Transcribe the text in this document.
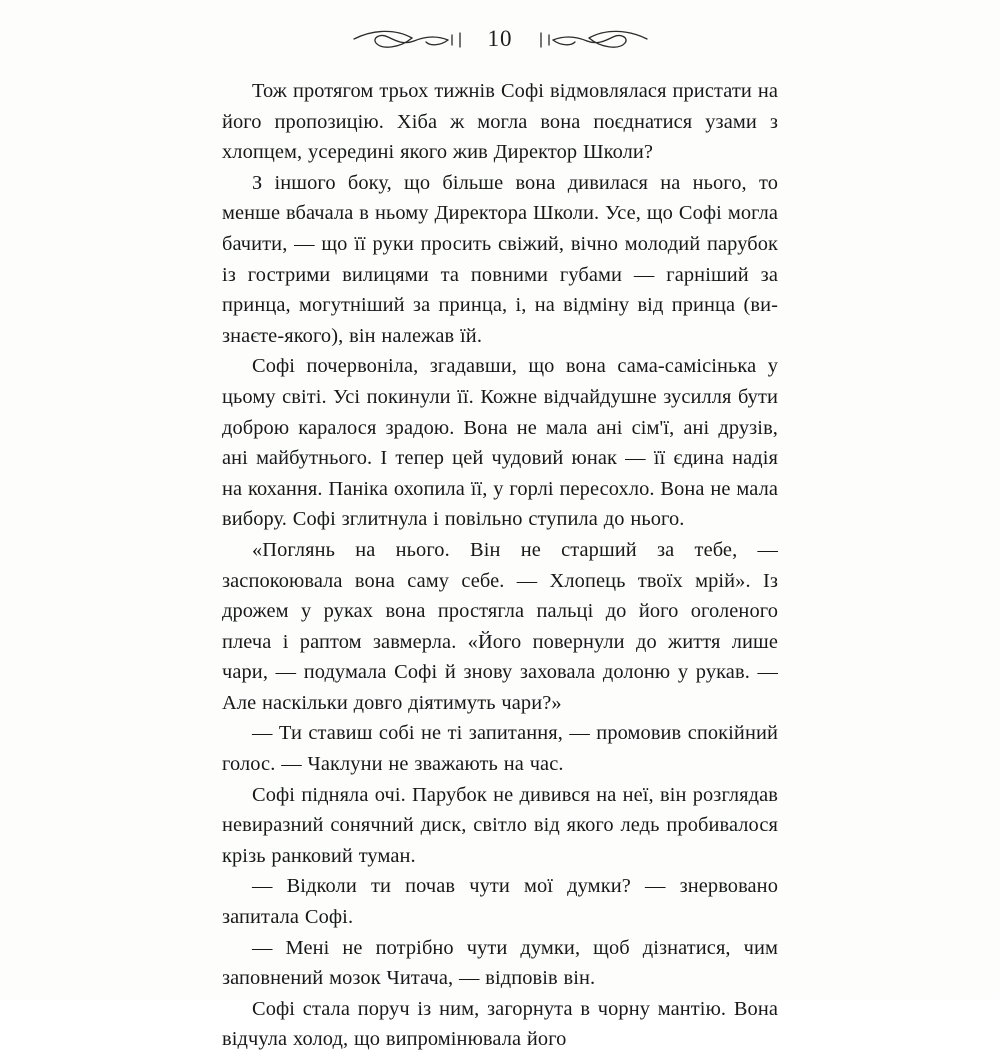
10

Тож протягом трьох тижнів Софі відмовлялася пристати на його пропозицію. Хіба ж могла вона поєднатися узами з хлопцем, усередині якого жив Директор Школи?

З іншого боку, що більше вона дивилася на нього, то менше вбачала в ньому Директора Школи. Усе, що Софі могла бачити, — що її руки просить свіжий, вічно молодий парубок із гострими вилицями та повними губами — гарніший за принца, могутніший за принца, і, на відміну від принца (ви-знаєте-якого), він належав їй.

Софі почервоніла, згадавши, що вона сама-самісінька у цьому світі. Усі покинули її. Кожне відчайдушне зусилля бути доброю каралося зрадою. Вона не мала ані сім'ї, ані друзів, ані майбутнього. І тепер цей чудовий юнак — її єдина надія на кохання. Паніка охопила її, у горлі пересохло. Вона не мала вибору. Софі зглитнула і повільно ступила до нього.

«Поглянь на нього. Він не старший за тебе, — заспокоювала вона саму себе. — Хлопець твоїх мрій». Із дрожем у руках вона простягла пальці до його оголеного плеча і раптом завмерла. «Його повернули до життя лише чари, — подумала Софі й знову заховала долоню у рукав. — Але наскільки довго діятимуть чари?»

— Ти ставиш собі не ті запитання, — промовив спокійний голос. — Чаклуни не зважають на час.

Софі підняла очі. Парубок не дивився на неї, він розглядав невиразний сонячний диск, світло від якого ледь пробивалося крізь ранковий туман.

— Відколи ти почав чути мої думки? — знервовано запитала Софі.

— Мені не потрібно чути думки, щоб дізнатися, чим заповнений мозок Читача, — відповів він.

Софі стала поруч із ним, загорнута в чорну мантію. Вона відчула холод, що випромінювала його
